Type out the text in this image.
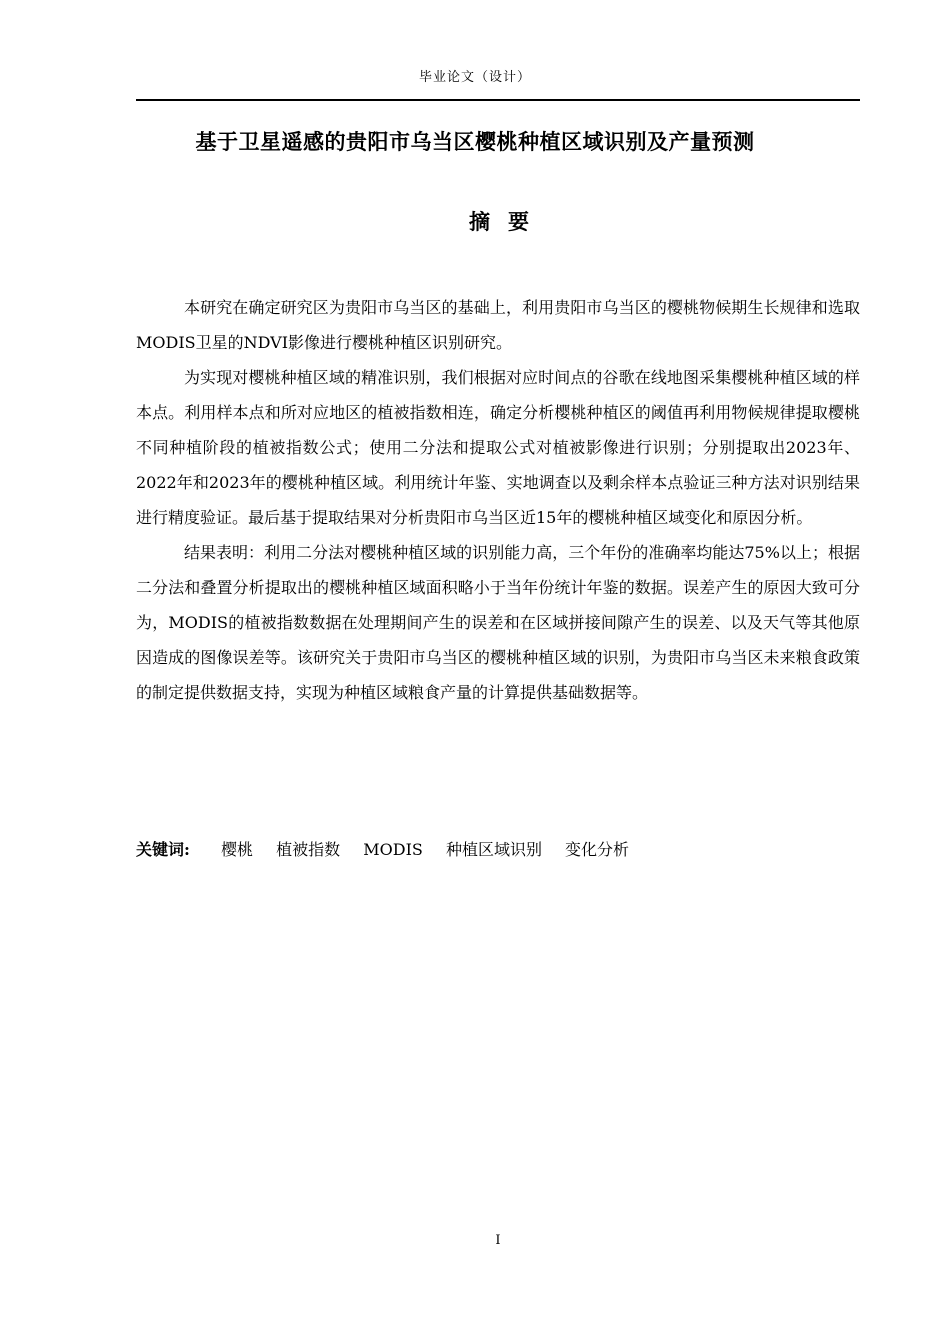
毕业论文（设计）
基于卫星遥感的贵阳市乌当区樱桃种植区域识别及产量预测
摘要

本研究在确定研究区为贵阳市乌当区的基础上，利用贵阳市乌当区的樱桃物候期生长规律和选取MODIS卫星的NDVI影像进行樱桃种植区识别研究。

为实现对樱桃种植区域的精准识别，我们根据对应时间点的谷歌在线地图采集樱桃种植区域的样本点。利用样本点和所对应地区的植被指数相连，确定分析樱桃种植区的阈值再利用物候规律提取樱桃不同种植阶段的植被指数公式；使用二分法和提取公式对植被影像进行识别；分别提取出2023年、2022年和2023年的樱桃种植区域。利用统计年鉴、实地调查以及剩余样本点验证三种方法对识别结果进行精度验证。最后基于提取结果对分析贵阳市乌当区近15年的樱桃种植区域变化和原因分析。

结果表明：利用二分法对樱桃种植区域的识别能力高，三个年份的准确率均能达75%以上；根据二分法和叠置分析提取出的樱桃种植区域面积略小于当年份统计年鉴的数据。误差产生的原因大致可分为，MODIS的植被指数数据在处理期间产生的误差和在区域拼接间隙产生的误差、以及天气等其他原因造成的图像误差等。该研究关于贵阳市乌当区的樱桃种植区域的识别，为贵阳市乌当区未来粮食政策的制定提供数据支持，实现为种植区域粮食产量的计算提供基础数据等。

关键词: 樱桃 植被指数 MODIS 种植区域识别 变化分析
I
